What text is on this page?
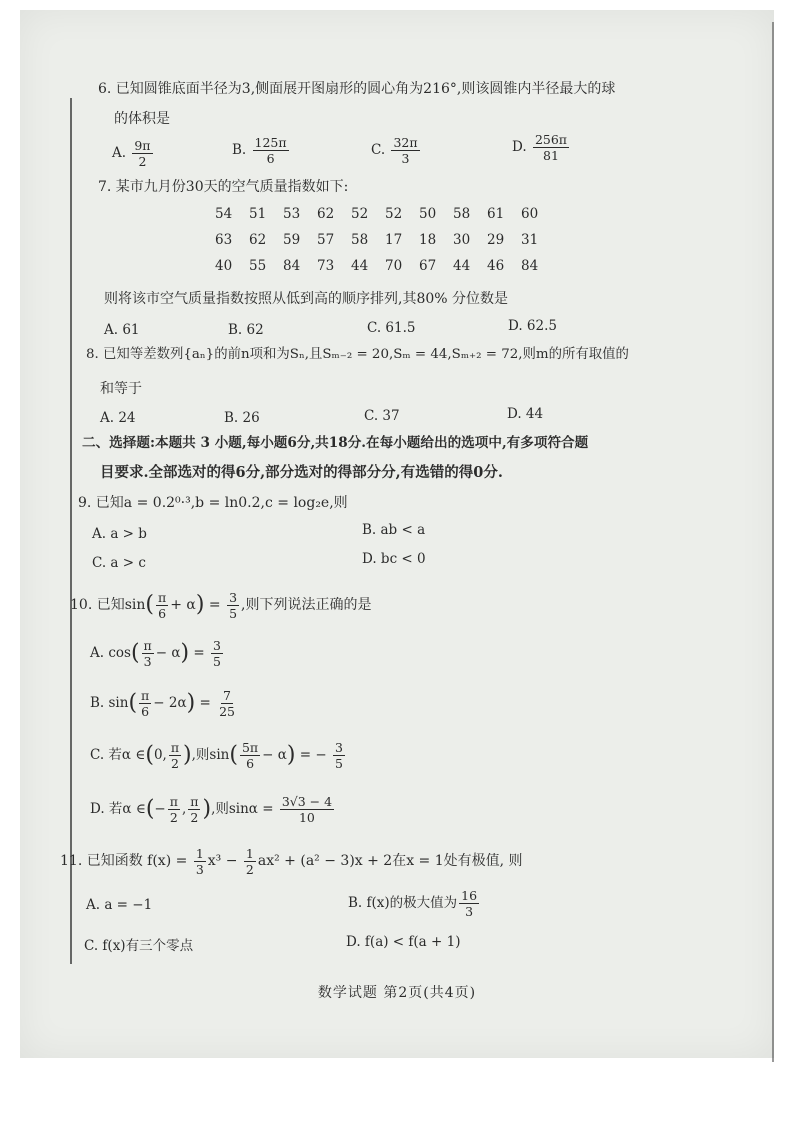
6. 已知圆锥底面半径为3,侧面展开图扇形的圆心角为216°,则该圆锥内半径最大的球
的体积是
A. $\frac{9\pi}{2}$	B. $\frac{125\pi}{6}$	C. $\frac{32\pi}{3}$	D. $\frac{256\pi}{81}$
7. 某市九月份30天的空气质量指数如下:
54 51 53 62 52 52 50 58 61 60
63 62 59 57 58 17 18 30 29 31
40 55 84 73 44 70 67 44 46 84
则将该市空气质量指数按照从低到高的顺序排列,其80% 分位数是
A. 61	B. 62	C. 61.5	D. 62.5
8. 已知等差数列{aₙ}的前n项和为Sₙ,且Sₘ₋₂ = 20,Sₘ = 44,Sₘ₊₂ = 72,则m的所有取值的
和等于
A. 24	B. 26	C. 37	D. 44
二、选择题:本题共 3 小题,每小题6分,共18分.在每小题给出的选项中,有多项符合题
目要求.全部选对的得6分,部分选对的得部分分,有选错的得0分.
9. 已知a = 0.2⁰·³,b = ln0.2,c = log₂e,则
A. a > b	B. ab < a
C. a > c	D. bc < 0
10. 已知$\sin( \frac{\pi}{6} + \alpha) = \frac{3}{5}$ ,则下列说法正确的是
A. $\cos( \frac{\pi}{3} - \alpha) = \frac{3}{5}$
B. $\sin( \frac{\pi}{6} - 2\alpha) = \frac{7}{25}$
C. 若α ∈(0, $\frac{\pi}{2}$ ),则$\sin( \frac{5\pi}{6} - \alpha)$ = − $\frac{3}{5}$
D. 若α ∈(− $\frac{\pi}{2}$ , $\frac{\pi}{2}$ ),则$\sin\alpha = \frac{3√3 - 4}{10}$
11. 已知函数 $f(x) = \frac{1}{3} x^3 - \frac{1}{2} ax^2 + (a^2 - 3)x + 2$在x = 1处有极值, 则
A. a = −1	B. f(x)的极大值为 $\frac{16}{3}$
C. f(x)有三个零点	D. f(a) < f(a + 1)
数学试题 第2页(共4页)
